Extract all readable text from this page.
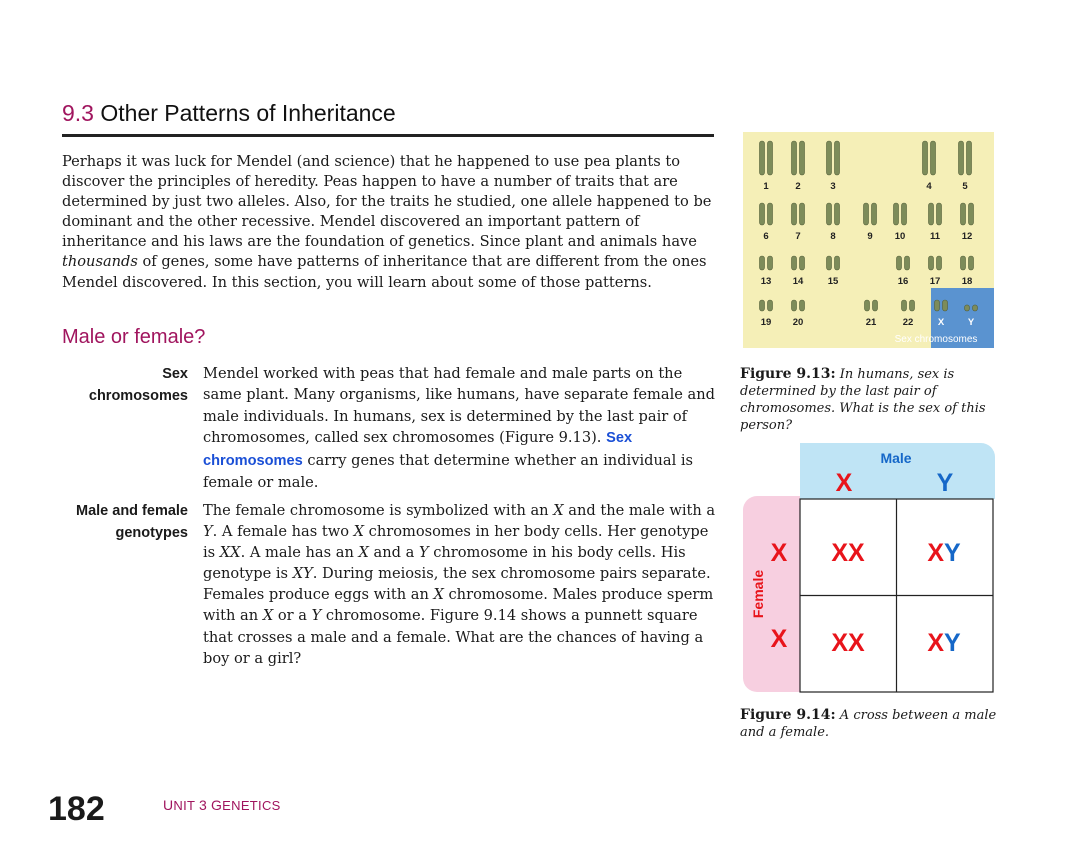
9.3 Other Patterns of Inheritance
Perhaps it was luck for Mendel (and science) that he happened to use pea plants to discover the principles of heredity. Peas happen to have a number of traits that are determined by just two alleles. Also, for the traits he studied, one allele happened to be dominant and the other recessive. Mendel discovered an important pattern of inheritance and his laws are the foundation of genetics. Since plant and animals have thousands of genes, some have patterns of inheritance that are different from the ones Mendel discovered. In this section, you will learn about some of those patterns.
Male or female?
Sex
chromosomes
Mendel worked with peas that had female and male parts on the same plant. Many organisms, like humans, have separate female and male individuals. In humans, sex is determined by the last pair of chromosomes, called sex chromosomes (Figure 9.13). Sex chromosomes carry genes that determine whether an individual is female or male.
Male and female
genotypes
The female chromosome is symbolized with an X and the male with a Y. A female has two X chromosomes in her body cells. Her genotype is XX. A male has an X and a Y chromosome in his body cells. His genotype is XY. During meiosis, the sex chromosome pairs separate. Females produce eggs with an X chromosome. Males produce sperm with an X or a Y chromosome. Figure 9.14 shows a punnett square that crosses a male and a female. What are the chances of having a boy or a girl?
1	2	3	4	5
6	7	8	9 10	11 12
13 14	15	16 17 18
19 20	21	22	X Y
Sex chromosomes
Figure 9.13: In humans, sex is determined by the last pair of chromosomes. What is the sex of this person?
Male
Female
X	Y
X
X
XX	XY
XX	XY
Figure 9.14: A cross between a male and a female.
182	UNIT 3 GENETICS
